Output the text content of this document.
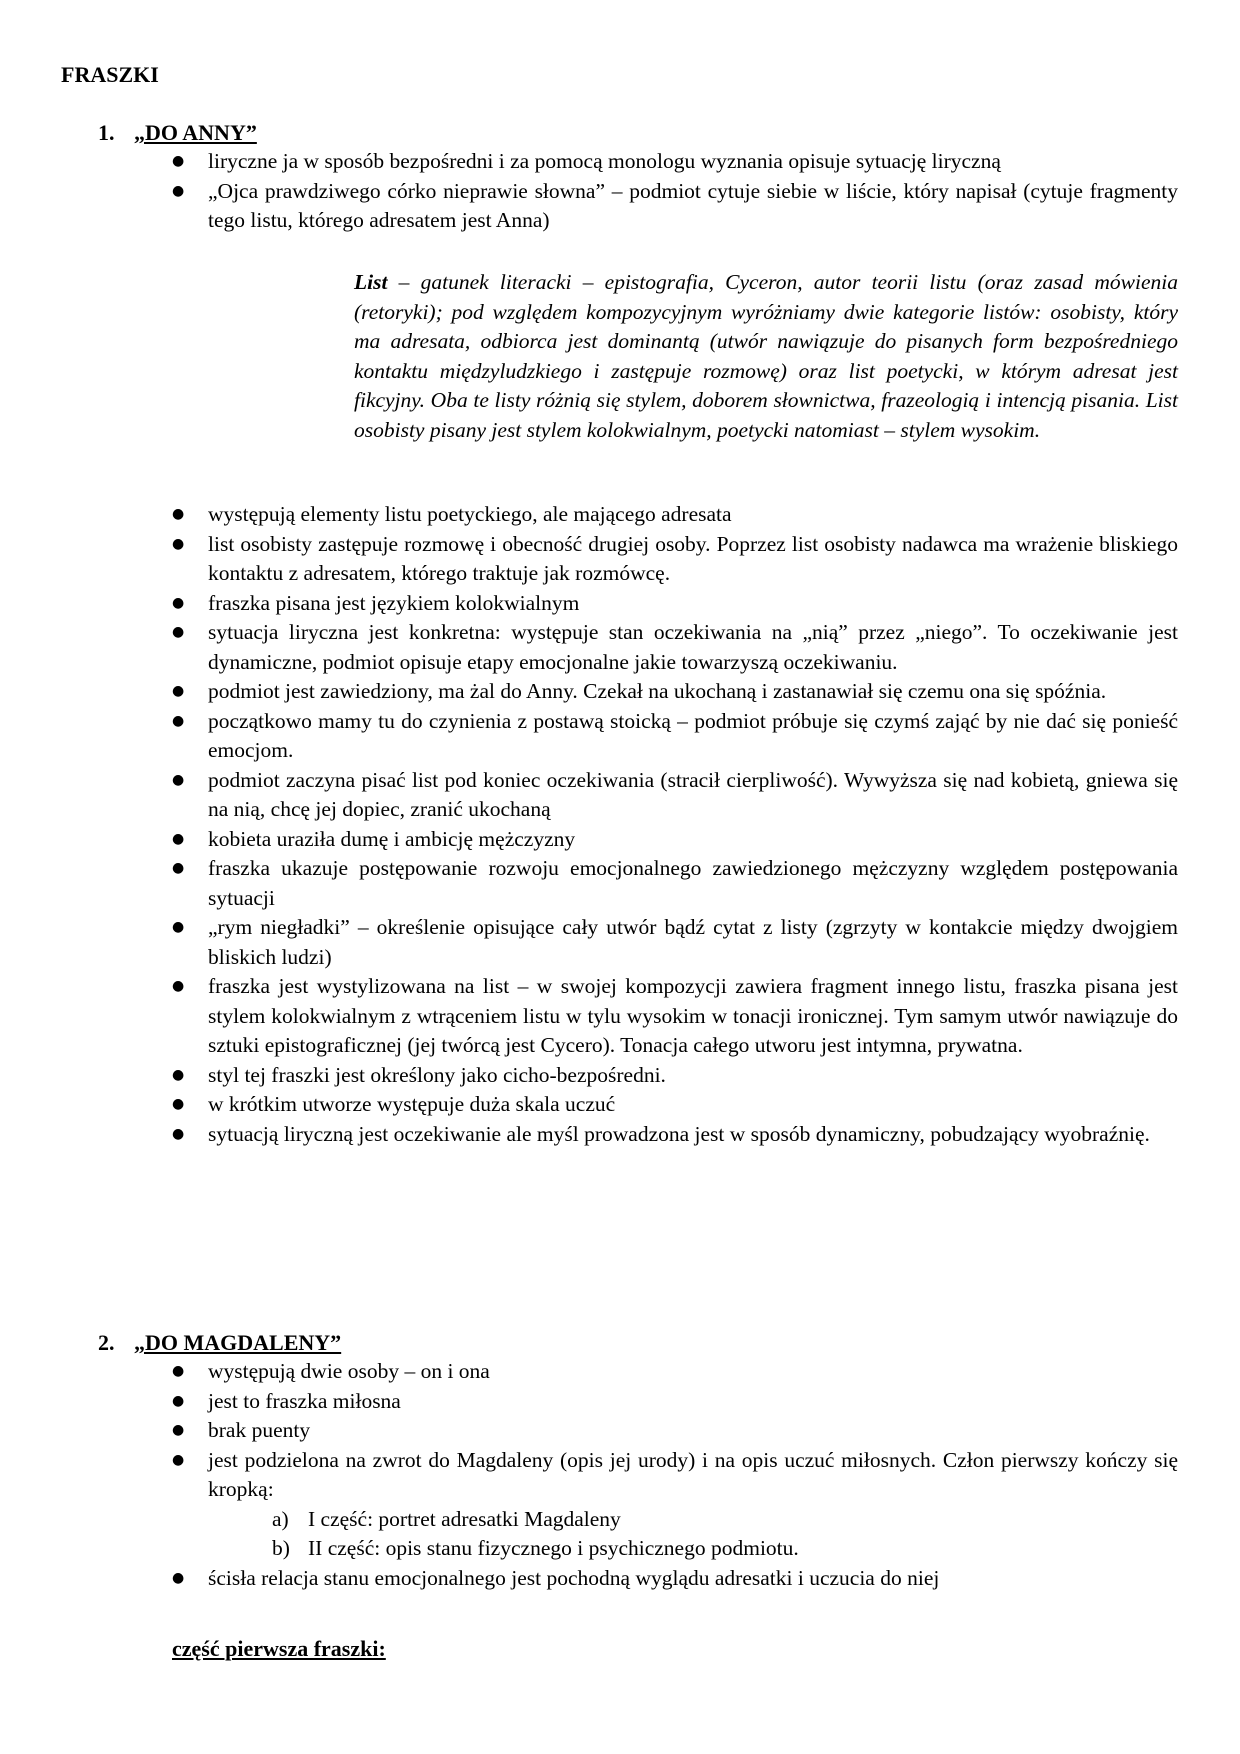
FRASZKI

1. „DO ANNY”

● liryczne ja w sposób bezpośredni i za pomocą monologu wyznania opisuje sytuację liryczną
● „Ojca prawdziwego córko nieprawie słowna” – podmiot cytuje siebie w liście, który napisał (cytuje fragmenty tego listu, którego adresatem jest Anna)

List – gatunek literacki – epistografia, Cyceron, autor teorii listu (oraz zasad mówienia (retoryki); pod względem kompozycyjnym wyróżniamy dwie kategorie listów: osobisty, który ma adresata, odbiorca jest dominantą (utwór nawiązuje do pisanych form bezpośredniego kontaktu międzyludzkiego i zastępuje rozmowę) oraz list poetycki, w którym adresat jest fikcyjny. Oba te listy różnią się stylem, doborem słownictwa, frazeologią i intencją pisania. List osobisty pisany jest stylem kolokwialnym, poetycki natomiast – stylem wysokim.

● występują elementy listu poetyckiego, ale mającego adresata
● list osobisty zastępuje rozmowę i obecność drugiej osoby. Poprzez list osobisty nadawca ma wrażenie bliskiego kontaktu z adresatem, którego traktuje jak rozmówcę.
● fraszka pisana jest językiem kolokwialnym
● sytuacja liryczna jest konkretna: występuje stan oczekiwania na „nią” przez „niego”. To oczekiwanie jest dynamiczne, podmiot opisuje etapy emocjonalne jakie towarzyszą oczekiwaniu.
● podmiot jest zawiedziony, ma żal do Anny. Czekał na ukochaną i zastanawiał się czemu ona się spóźnia.
● początkowo mamy tu do czynienia z postawą stoicką – podmiot próbuje się czymś zająć by nie dać się ponieść emocjom.
● podmiot zaczyna pisać list pod koniec oczekiwania (stracił cierpliwość). Wywyższa się nad kobietą, gniewa się na nią, chcę jej dopiec, zranić ukochaną
● kobieta uraziła dumę i ambicję mężczyzny
● fraszka ukazuje postępowanie rozwoju emocjonalnego zawiedzionego mężczyzny względem postępowania sytuacji
● „rym niegładki” – określenie opisujące cały utwór bądź cytat z listy (zgrzyty w kontakcie między dwojgiem bliskich ludzi)
● fraszka jest wystylizowana na list – w swojej kompozycji zawiera fragment innego listu, fraszka pisana jest stylem kolokwialnym z wtrąceniem listu w tylu wysokim w tonacji ironicznej. Tym samym utwór nawiązuje do sztuki epistograficznej (jej twórcą jest Cycero). Tonacja całego utworu jest intymna, prywatna.
● styl tej fraszki jest określony jako cicho-bezpośredni.
● w krótkim utworze występuje duża skala uczuć
● sytuacją liryczną jest oczekiwanie ale myśl prowadzona jest w sposób dynamiczny, pobudzający wyobraźnię.

2. „DO MAGDALENY”

● występują dwie osoby – on i ona
● jest to fraszka miłosna
● brak puenty
● jest podzielona na zwrot do Magdaleny (opis jej urody) i na opis uczuć miłosnych. Człon pierwszy kończy się kropką:
a) I część: portret adresatki Magdaleny
b) II część: opis stanu fizycznego i psychicznego podmiotu.
● ścisła relacja stanu emocjonalnego jest pochodną wyglądu adresatki i uczucia do niej

część pierwsza fraszki:
